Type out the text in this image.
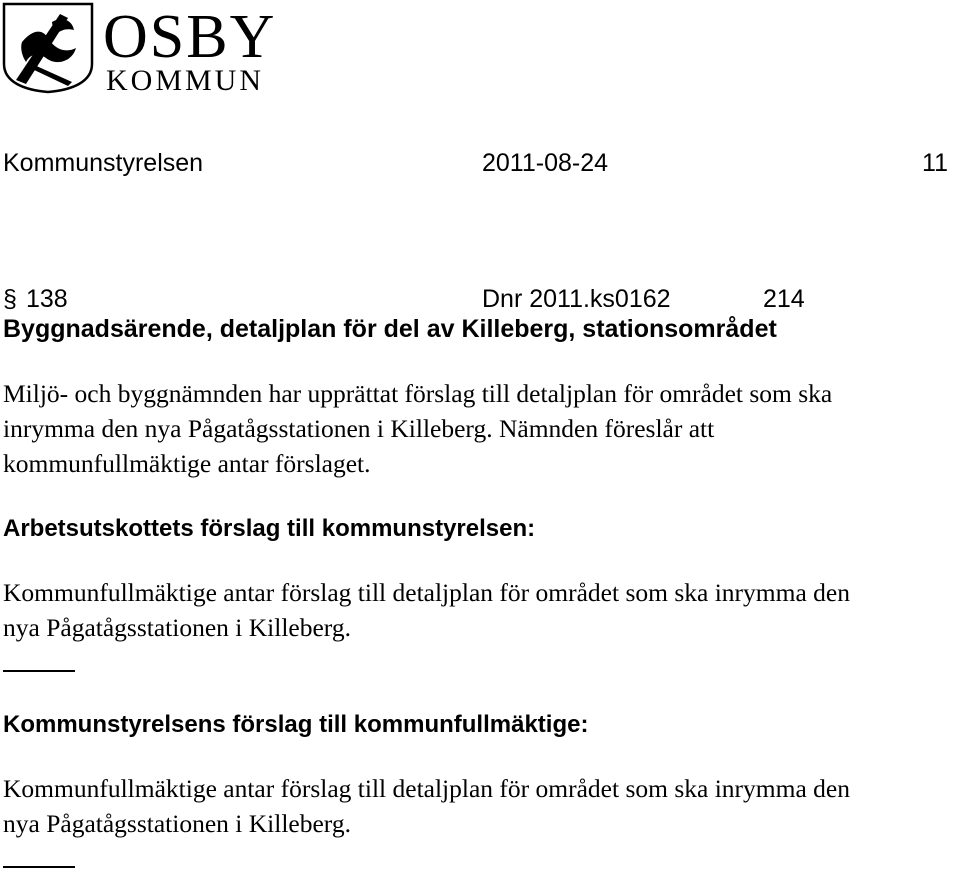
OSBY
KOMMUN
Kommunstyrelsen	2011-08-24	11
§ 138	Dnr 2011.ks0162	214
Byggnadsärende, detaljplan för del av Killeberg, stationsområdet
Miljö- och byggnämnden har upprättat förslag till detaljplan för området som ska
inrymma den nya Pågatågsstationen i Killeberg. Nämnden föreslår att
kommunfullmäktige antar förslaget.
Arbetsutskottets förslag till kommunstyrelsen:
Kommunfullmäktige antar förslag till detaljplan för området som ska inrymma den
nya Pågatågsstationen i Killeberg.
Kommunstyrelsens förslag till kommunfullmäktige:
Kommunfullmäktige antar förslag till detaljplan för området som ska inrymma den
nya Pågatågsstationen i Killeberg.
